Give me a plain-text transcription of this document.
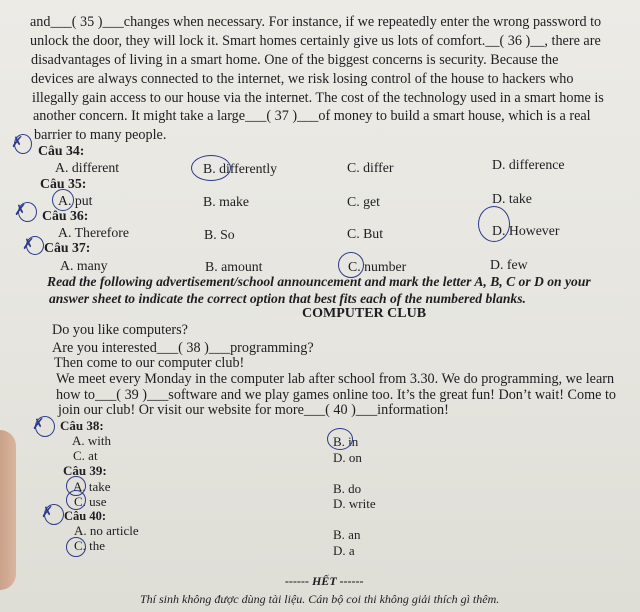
and___( 35 )___changes when necessary. For instance, if we repeatedly enter the wrong password to
unlock the door, they will lock it. Smart homes certainly give us lots of comfort.__( 36 )__, there are
disadvantages of living in a smart home. One of the biggest concerns is security. Because the
devices are always connected to the internet, we risk losing control of the house to hackers who
illegally gain access to our house via the internet. The cost of the technology used in a smart home is
another concern. It might take a large___( 37 )___of money to build a smart house, which is a real
barrier to many people.
Câu 34:
A. different	B. differently	C. differ	D. difference
Câu 35:
A. put	B. make	C. get	D. take
Câu 36:
A. Therefore	B. So	C. But	D. However
Câu 37:
A. many	B. amount	C. number	D. few
Read the following advertisement/school announcement and mark the letter A, B, C or D on your
answer sheet to indicate the correct option that best fits each of the numbered blanks.
COMPUTER CLUB
Do you like computers?
Are you interested___( 38 )___programming?
Then come to our computer club!
We meet every Monday in the computer lab after school from 3.30. We do programming, we learn
how to___( 39 )___software and we play games online too. It’s the great fun! Don’t wait! Come to
join our club! Or visit our website for more___( 40 )___information!
Câu 38:
A. with	B. in
C. at	D. on
Câu 39:
A. take	B. do
C. use	D. write
Câu 40:
A. no article	B. an
C. the	D. a
------ HẾT ------
Thí sinh không được dùng tài liệu. Cán bộ coi thi không giải thích gì thêm.
✗
✗
✗
✗
✗
